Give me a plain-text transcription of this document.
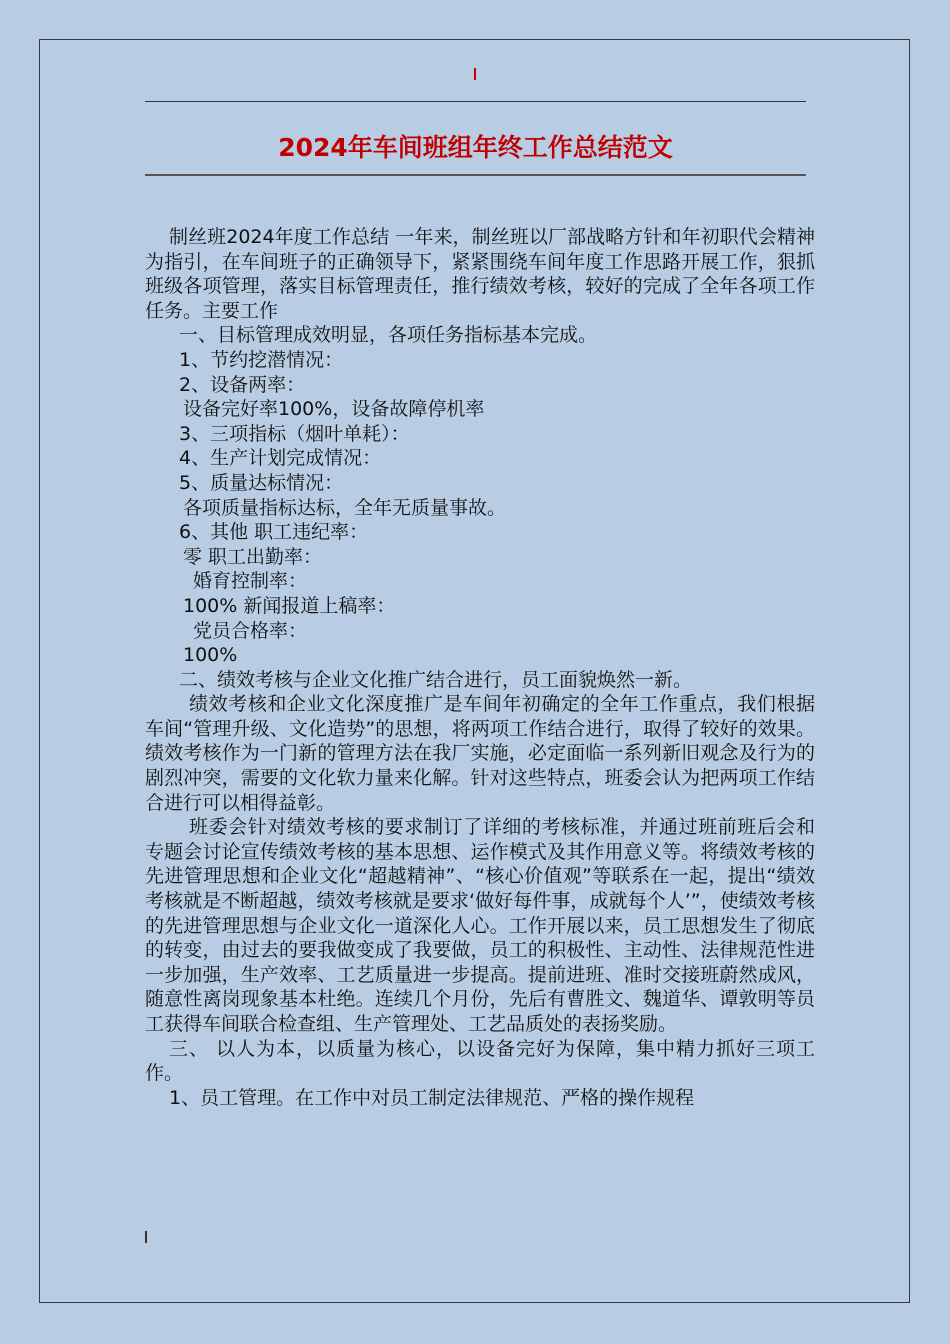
2024年车间班组年终工作总结范文

制丝班2024年度工作总结 一年来，制丝班以厂部战略方针和年初职代会精神为指引，在车间班子的正确领导下，紧紧围绕车间年度工作思路开展工作，狠抓班级各项管理，落实目标管理责任，推行绩效考核，较好的完成了全年各项工作任务。主要工作

一、目标管理成效明显，各项任务指标基本完成。

1、节约挖潜情况：

2、设备两率：

设备完好率100%，设备故障停机率

3、三项指标（烟叶单耗）：

4、生产计划完成情况：

5、质量达标情况：

各项质量指标达标，全年无质量事故。

6、其他 职工违纪率：

零 职工出勤率：

婚育控制率：

100% 新闻报道上稿率：

党员合格率：

100%

二、绩效考核与企业文化推广结合进行，员工面貌焕然一新。

绩效考核和企业文化深度推广是车间年初确定的全年工作重点，我们根据车间“管理升级、文化造势”的思想，将两项工作结合进行，取得了较好的效果。绩效考核作为一门新的管理方法在我厂实施，必定面临一系列新旧观念及行为的剧烈冲突，需要的文化软力量来化解。针对这些特点，班委会认为把两项工作结合进行可以相得益彰。

班委会针对绩效考核的要求制订了详细的考核标准，并通过班前班后会和专题会讨论宣传绩效考核的基本思想、运作模式及其作用意义等。将绩效考核的先进管理思想和企业文化“超越精神”、“核心价值观”等联系在一起，提出“绩效考核就是不断超越，绩效考核就是要求‘做好每件事，成就每个人’”，使绩效考核的先进管理思想与企业文化一道深化人心。工作开展以来，员工思想发生了彻底的转变，由过去的要我做变成了我要做，员工的积极性、主动性、法律规范性进一步加强，生产效率、工艺质量进一步提高。提前进班、准时交接班蔚然成风，随意性离岗现象基本杜绝。连续几个月份，先后有曹胜文、魏道华、谭敦明等员工获得车间联合检查组、生产管理处、工艺品质处的表扬奖励。

三、 以人为本，以质量为核心，以设备完好为保障，集中精力抓好三项工作。

1、员工管理。在工作中对员工制定法律规范、严格的操作规程
